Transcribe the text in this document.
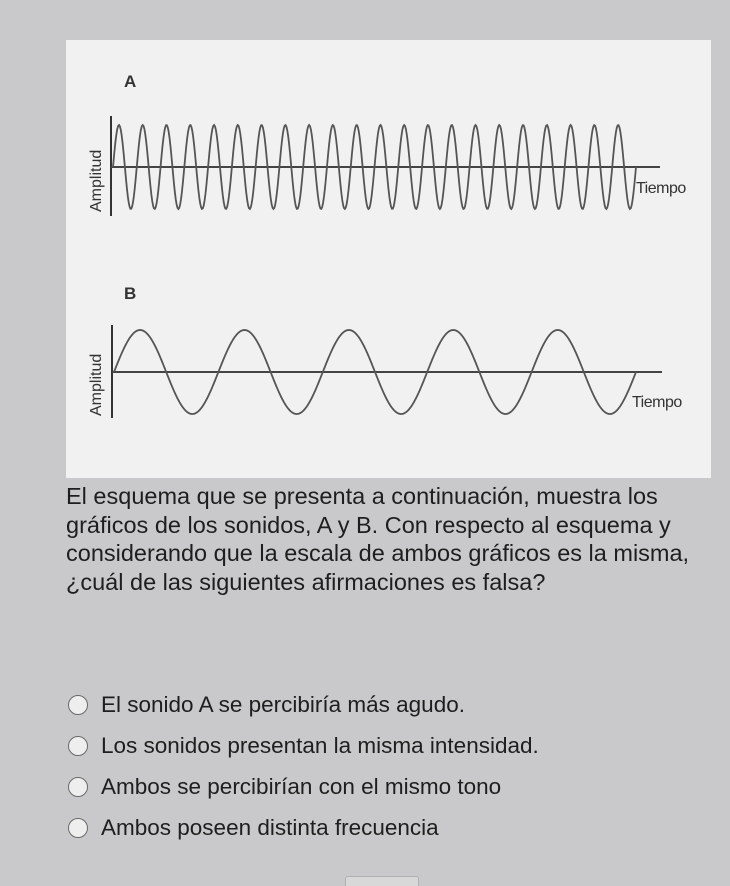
A
Amplitud	Tiempo
B
Amplitud	Tiempo

El esquema que se presenta a continuación, muestra los gráficos de los sonidos, A y B. Con respecto al esquema y considerando que la escala de ambos gráficos es la misma, ¿cuál de las siguientes afirmaciones es falsa?

El sonido A se percibiría más agudo.
Los sonidos presentan la misma intensidad.
Ambos se percibirían con el mismo tono
Ambos poseen distinta frecuencia
